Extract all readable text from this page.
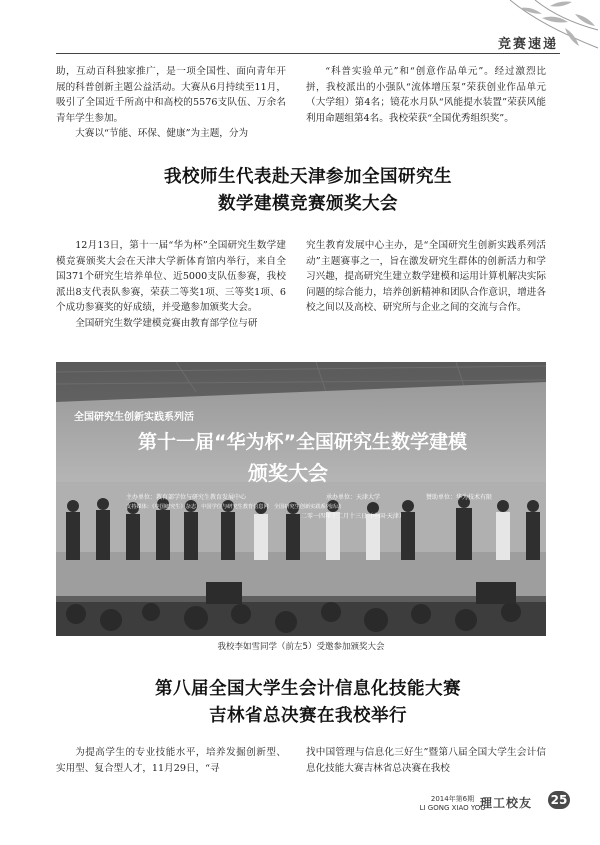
竞赛速递

助，互动百科独家推广，是一项全国性、面向青年开展的科普创新主题公益活动。大赛从6月持续至11月，吸引了全国近千所高中和高校的5576支队伍、万余名青年学生参加。

大赛以“节能、环保、健康”为主题，分为

“科普实验单元”和“创意作品单元”。经过激烈比拼，我校派出的小强队“流体增压泵”荣获创业作品单元（大学组）第4名；镜花水月队“风能提水装置”荣获风能利用命题组第4名。我校荣获“全国优秀组织奖”。

我校师生代表赴天津参加全国研究生
数学建模竞赛颁奖大会

12月13日，第十一届“华为杯”全国研究生数学建模竞赛颁奖大会在天津大学新体育馆内举行，来自全国371个研究生培养单位、近5000支队伍参赛，我校派出8支代表队参赛，荣获二等奖1项、三等奖1项、6个成功参赛奖的好成绩，并受邀参加颁奖大会。

全国研究生数学建模竞赛由教育部学位与研

究生教育发展中心主办，是“全国研究生创新实践系列活动”主题赛事之一，旨在激发研究生群体的创新活力和学习兴趣，提高研究生建立数学建模和运用计算机解决实际问题的综合能力，培养创新精神和团队合作意识，增进各校之间以及高校、研究所与企业之间的交流与合作。

全国研究生创新实践系列活
第十一届“华为杯”全国研究生数学建模
颁奖大会
主办单位：教育部学位与研究生教育发展中心	承办单位：天津大学	赞助单位：华为技术有限
支持媒体：《中国研究生》杂志　中国学位与研究生教育信息网　全国研究生创新实践系列活动
二零一四年十二月十三日（中国·天津）
我校李如雪同学（前左5）受邀参加颁奖大会
第八届全国大学生会计信息化技能大赛
吉林省总决赛在我校举行

为提高学生的专业技能水平，培养发掘创新型、实用型、复合型人才，11月29日，“寻

找中国管理与信息化三好生”暨第八届全国大学生会计信息化技能大赛吉林省总决赛在我校

2014年第6期
LI GONG XIAO YOU
理工校友 25
